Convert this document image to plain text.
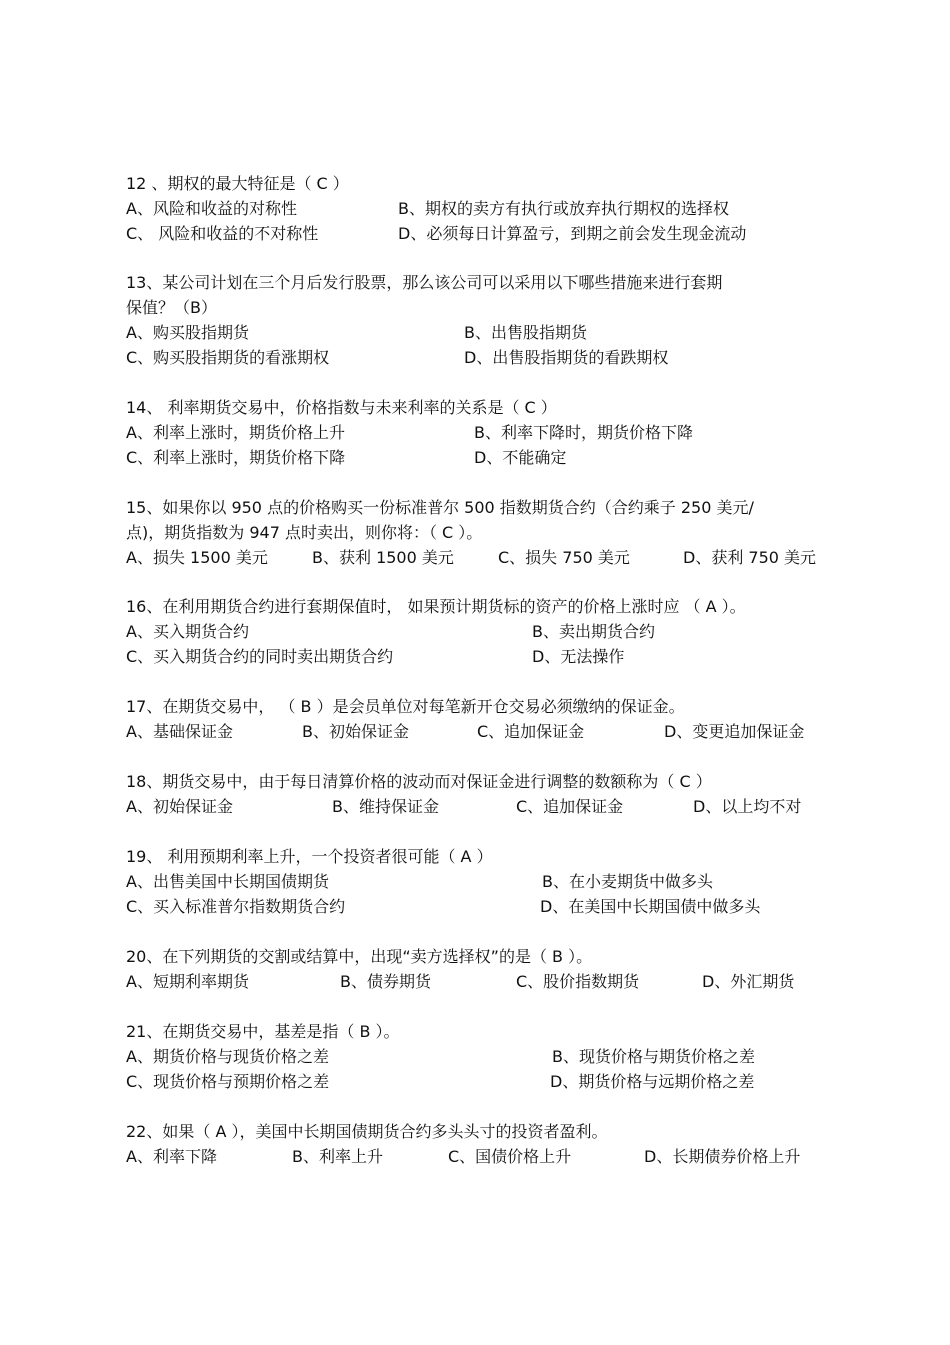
12 、期权的最大特征是（ C ）
A、风险和收益的对称性	B、期权的卖方有执行或放弃执行期权的选择权
C、 风险和收益的不对称性	D、必须每日计算盈亏，到期之前会发生现金流动
13、某公司计划在三个月后发行股票，那么该公司可以采用以下哪些措施来进行套期
保值？（B）
A、购买股指期货	B、出售股指期货
C、购买股指期货的看涨期权	D、出售股指期货的看跌期权
14、 利率期货交易中，价格指数与未来利率的关系是（ C ）
A、利率上涨时，期货价格上升	B、利率下降时，期货价格下降
C、利率上涨时，期货价格下降	D、不能确定
15、如果你以 950 点的价格购买一份标准普尔 500 指数期货合约（合约乘子 250 美元/
点)，期货指数为 947 点时卖出，则你将：（ C ）。
A、损失 1500 美元	B、获利 1500 美元	C、损失 750 美元	D、获利 750 美元
16、在利用期货合约进行套期保值时， 如果预计期货标的资产的价格上涨时应 （ A ）。
A、买入期货合约	B、卖出期货合约
C、买入期货合约的同时卖出期货合约	D、无法操作
17、在期货交易中， （ B ）是会员单位对每笔新开仓交易必须缴纳的保证金。
A、基础保证金	B、初始保证金	C、追加保证金	D、变更追加保证金
18、期货交易中，由于每日清算价格的波动而对保证金进行调整的数额称为（ C ）
A、初始保证金	B、维持保证金	C、追加保证金	D、以上均不对
19、 利用预期利率上升，一个投资者很可能（ A ）
A、出售美国中长期国债期货	B、在小麦期货中做多头
C、买入标准普尔指数期货合约	D、在美国中长期国债中做多头
20、在下列期货的交割或结算中，出现“卖方选择权”的是（ B ）。
A、短期利率期货	B、债券期货	C、股价指数期货	D、外汇期货
21、在期货交易中，基差是指（ B ）。
A、期货价格与现货价格之差	B、现货价格与期货价格之差
C、现货价格与预期价格之差	D、期货价格与远期价格之差
22、如果（ A ），美国中长期国债期货合约多头头寸的投资者盈利。
A、利率下降	B、利率上升	C、国债价格上升	D、长期债券价格上升
